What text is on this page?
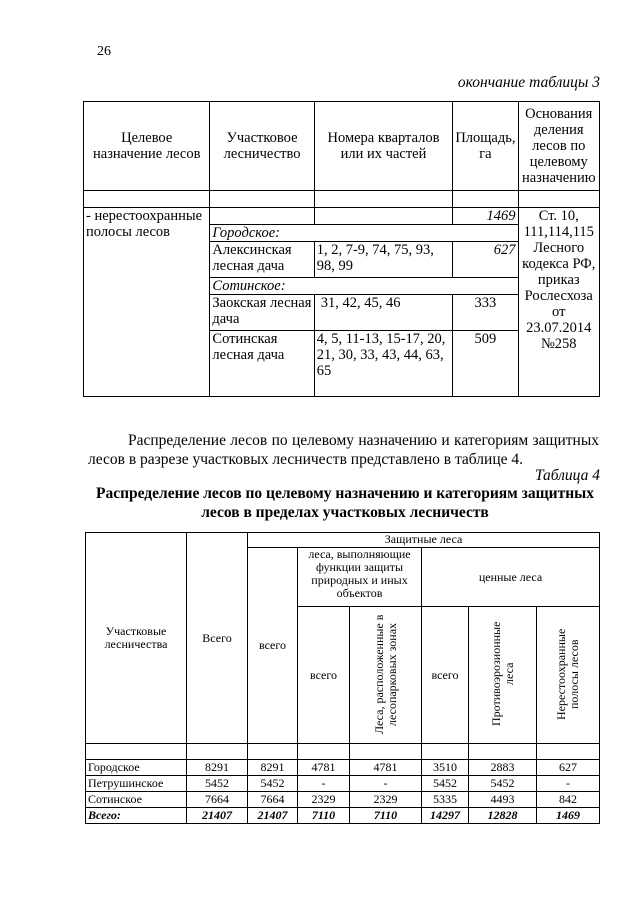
26
окончание таблицы 3
Целевое назначение лесов	Участковое лесничество	Номера кварталов или их частей	Площадь, га	Основания деления лесов по целевому назначению

- нерестоохранные полосы лесов			1469	Ст. 10, 111,114,115 Лесного кодекса РФ, приказ Рослесхоза от 23.07.2014 №258
	Городское:			
	Алексинская лесная дача	1, 2, 7-9, 74, 75, 93, 98, 99	627	
	Сотинское:			
	Заокская лесная дача	31, 42, 45, 46	333	
	Сотинская лесная дача	4, 5, 11-13, 15-17, 20, 21, 30, 33, 43, 44, 63, 65	509	
Распределение лесов по целевому назначению и категориям защитных лесов в разрезе участковых лесничеств представлено в таблице 4.
Таблица 4
Распределение лесов по целевому назначению и категориям защитных лесов в пределах участковых лесничеств
Участковые лесничества	Всего	Защитные леса					
		всего	леса, выполняющие функции защиты природных и иных объектов		ценные леса		
			всего	Леса, расположенные в лесопарковых зонах	всего	Противоэрозионные леса	Нерестоохранные полосы лесов

Городское	8291	8291	4781	4781	3510	2883	627
Петрушинское	5452	5452	-	-	5452	5452	-
Сотинское	7664	7664	2329	2329	5335	4493	842
Всего:	21407	21407	7110	7110	14297	12828	1469
